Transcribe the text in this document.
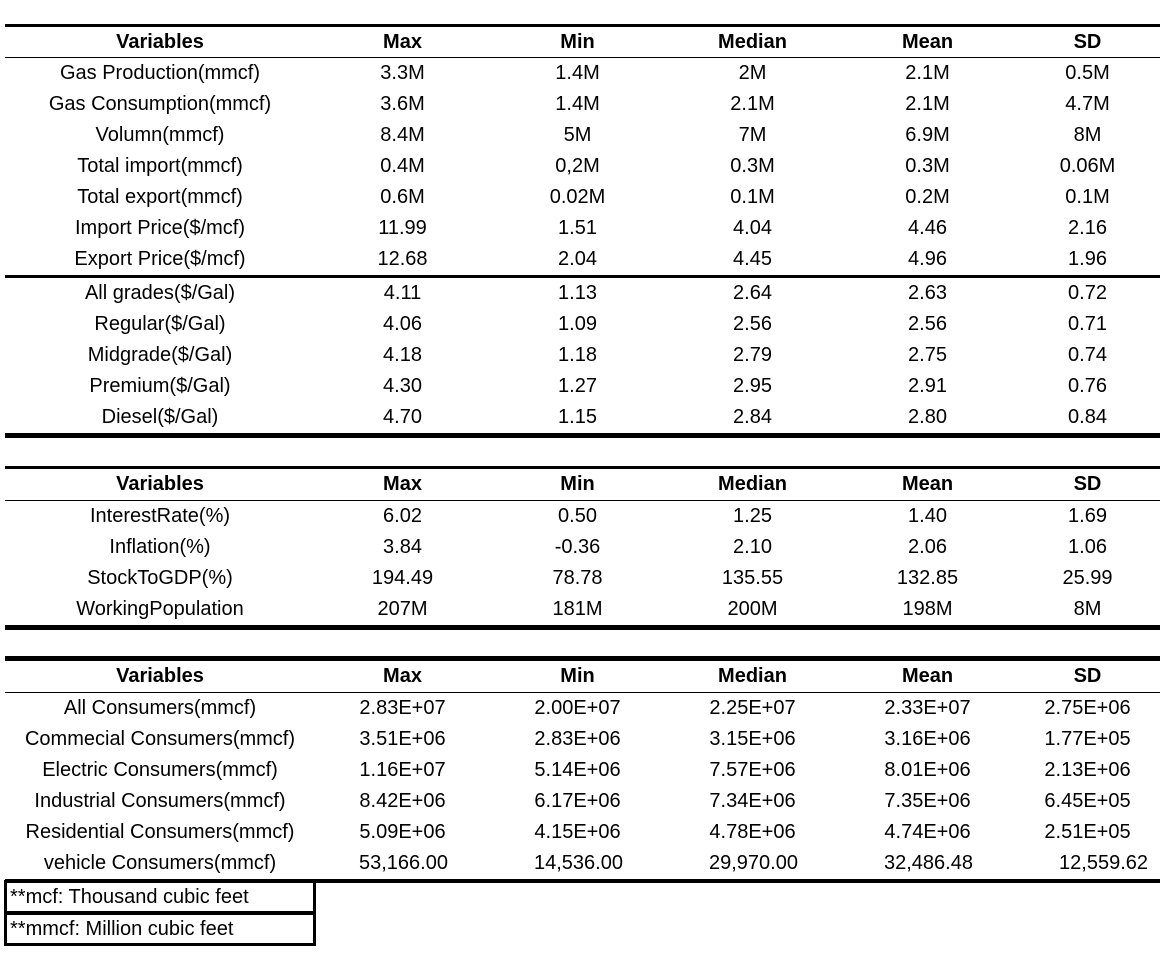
Variables	Max	Min	Median	Mean	SD
Gas Production(mmcf)	3.3M	1.4M	2M	2.1M	0.5M
Gas Consumption(mmcf)	3.6M	1.4M	2.1M	2.1M	4.7M
Volumn(mmcf)	8.4M	5M	7M	6.9M	8M
Total import(mmcf)	0.4M	0,2M	0.3M	0.3M	0.06M
Total export(mmcf)	0.6M	0.02M	0.1M	0.2M	0.1M
Import Price($/mcf)	11.99	1.51	4.04	4.46	2.16
Export Price($/mcf)	12.68	2.04	4.45	4.96	1.96
All grades($/Gal)	4.11	1.13	2.64	2.63	0.72
Regular($/Gal)	4.06	1.09	2.56	2.56	0.71
Midgrade($/Gal)	4.18	1.18	2.79	2.75	0.74
Premium($/Gal)	4.30	1.27	2.95	2.91	0.76
Diesel($/Gal)	4.70	1.15	2.84	2.80	0.84
Variables	Max	Min	Median	Mean	SD
InterestRate(%)	6.02	0.50	1.25	1.40	1.69
Inflation(%)	3.84	-0.36	2.10	2.06	1.06
StockToGDP(%)	194.49	78.78	135.55	132.85	25.99
WorkingPopulation	207M	181M	200M	198M	8M
Variables	Max	Min	Median	Mean	SD
All Consumers(mmcf)	2.83E+07	2.00E+07	2.25E+07	2.33E+07	2.75E+06
Commecial Consumers(mmcf)	3.51E+06	2.83E+06	3.15E+06	3.16E+06	1.77E+05
Electric Consumers(mmcf)	1.16E+07	5.14E+06	7.57E+06	8.01E+06	2.13E+06
Industrial Consumers(mmcf)	8.42E+06	6.17E+06	7.34E+06	7.35E+06	6.45E+05
Residential Consumers(mmcf)	5.09E+06	4.15E+06	4.78E+06	4.74E+06	2.51E+05
vehicle Consumers(mmcf)	53,166.00	14,536.00	29,970.00	32,486.48	12,559.62
**mcf: Thousand cubic feet
**mmcf: Million cubic feet
